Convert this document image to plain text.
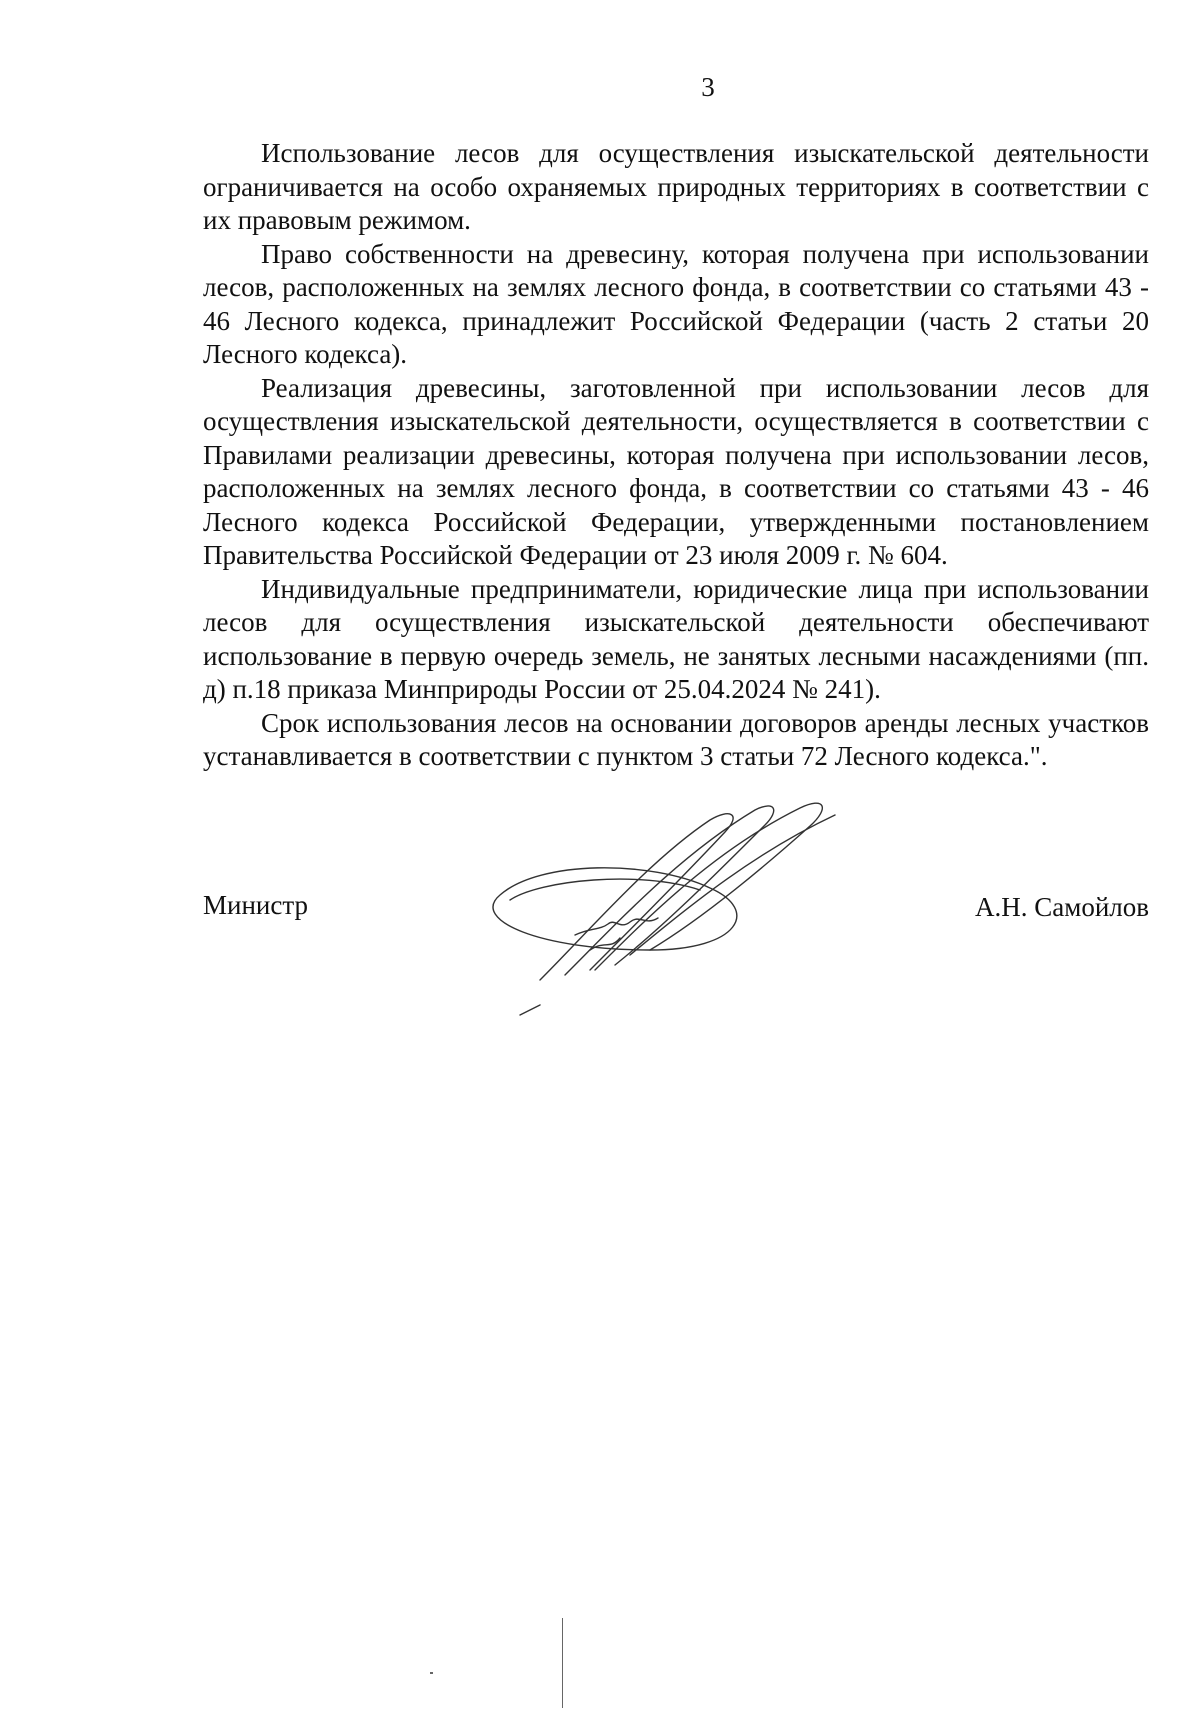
3

Использование лесов для осуществления изыскательской деятельности ограничивается на особо охраняемых природных территориях в соответствии с их правовым режимом.

Право собственности на древесину, которая получена при использовании лесов, расположенных на землях лесного фонда, в соответствии со статьями 43 - 46 Лесного кодекса, принадлежит Российской Федерации (часть 2 статьи 20 Лесного кодекса).

Реализация древесины, заготовленной при использовании лесов для осуществления изыскательской деятельности, осуществляется в соответствии с Правилами реализации древесины, которая получена при использовании лесов, расположенных на землях лесного фонда, в соответствии со статьями 43 - 46 Лесного кодекса Российской Федерации, утвержденными постановлением Правительства Российской Федерации от 23 июля 2009 г. № 604.

Индивидуальные предприниматели, юридические лица при использовании лесов для осуществления изыскательской деятельности обеспечивают использование в первую очередь земель, не занятых лесными насаждениями (пп. д) п.18 приказа Минприроды России от 25.04.2024 № 241).

Срок использования лесов на основании договоров аренды лесных участков устанавливается в соответствии с пунктом 3 статьи 72 Лесного кодекса.".

Министр	А.Н. Самойлов
